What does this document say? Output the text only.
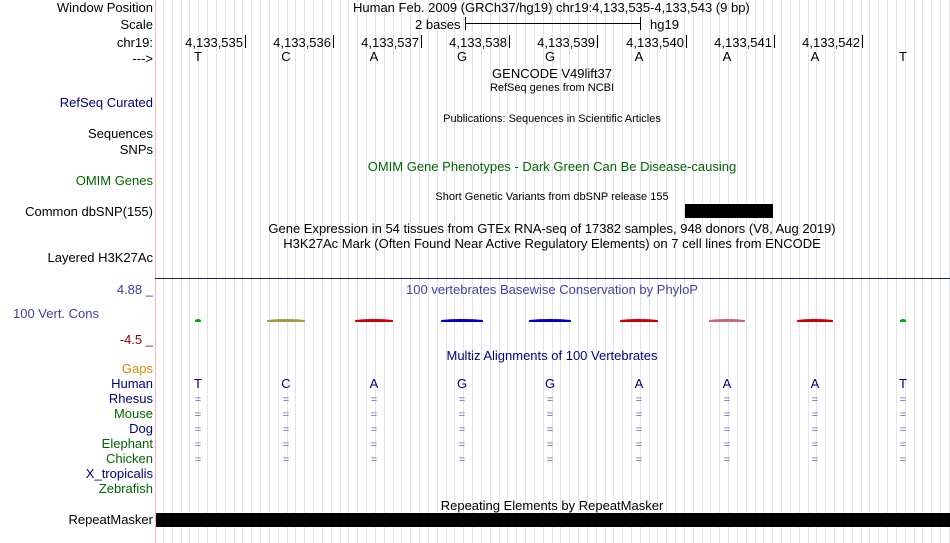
Window Position	Human Feb. 2009 (GRCh37/hg19) chr19:4,133,535-4,133,543 (9 bp)
Scale	2 bases	hg19
chr19: 4,133,535 4,133,536 4,133,537 4,133,538 4,133,539 4,133,540 4,133,541 4,133,542
--->	T	C	A	G	G	A	A	A	T
GENCODE V49lift37
RefSeq genes from NCBI
RefSeq Curated
Publications: Sequences in Scientific Articles
Sequences
SNPs
OMIM Gene Phenotypes - Dark Green Can Be Disease-causing
OMIM Genes
Short Genetic Variants from dbSNP release 155
Common dbSNP(155)
Gene Expression in 54 tissues from GTEx RNA-seq of 17382 samples, 948 donors (V8, Aug 2019)
H3K27Ac Mark (Often Found Near Active Regulatory Elements) on 7 cell lines from ENCODE
Layered H3K27Ac
4.88 _	100 vertebrates Basewise Conservation by PhyloP
100 Vert. Cons
-4.5 _
Multiz Alignments of 100 Vertebrates
Gaps
Human	T	C	A	G	G	A	A	A	T
Rhesus	=	=	=	=	=	=	=	=	=
Mouse	=	=	=	=	=	=	=	=	=
Dog	=	=	=	=	=	=	=	=	=
Elephant	=	=	=	=	=	=	=	=	=
Chicken	=	=	=	=	=	=	=	=	=
X_tropicalis
Zebrafish
Repeating Elements by RepeatMasker
RepeatMasker
